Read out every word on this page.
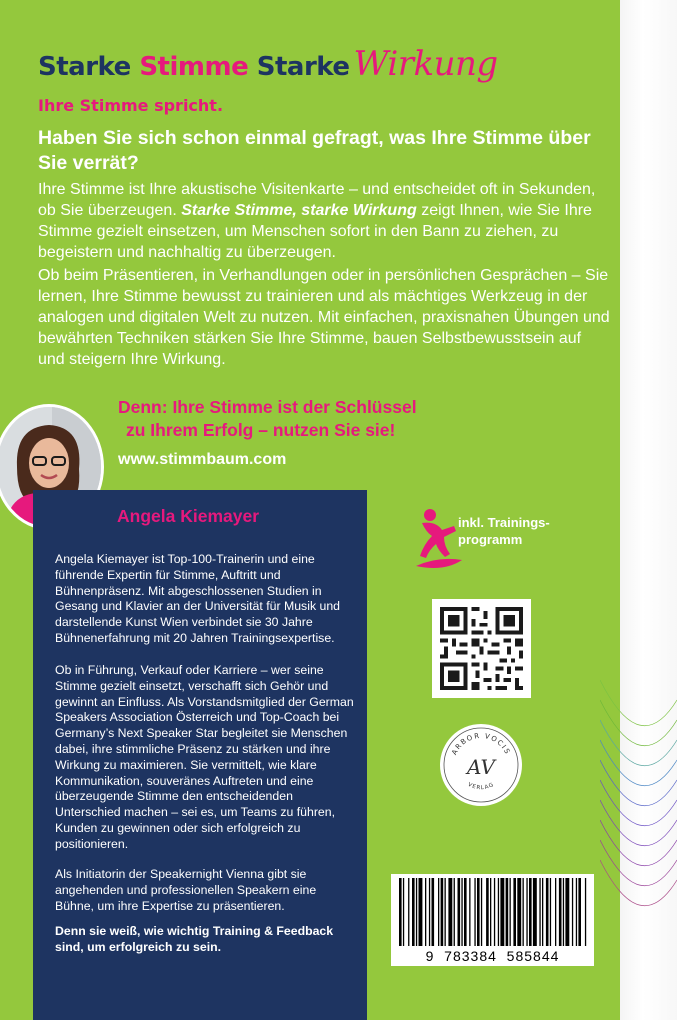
Starke Stimme Starke Wirkung

Ihre Stimme spricht.

Haben Sie sich schon einmal gefragt, was Ihre Stimme über Sie verrät?

Ihre Stimme ist Ihre akustische Visitenkarte – und entscheidet oft in Sekunden, ob Sie überzeugen. Starke Stimme, starke Wirkung zeigt Ihnen, wie Sie Ihre Stimme gezielt einsetzen, um Menschen sofort in den Bann zu ziehen, zu begeistern und nachhaltig zu überzeugen.

Ob beim Präsentieren, in Verhandlungen oder in persönlichen Gesprächen – Sie lernen, Ihre Stimme bewusst zu trainieren und als mächtiges Werkzeug in der analogen und digitalen Welt zu nutzen. Mit einfachen, praxisnahen Übungen und bewährten Techniken stärken Sie Ihre Stimme, bauen Selbstbewusstsein auf und steigern Ihre Wirkung.

Denn: Ihre Stimme ist der Schlüssel
zu Ihrem Erfolg – nutzen Sie sie!

www.stimmbaum.com

Angela Kiemayer

Angela Kiemayer ist Top-100-Trainerin und eine führende Expertin für Stimme, Auftritt und Bühnenpräsenz. Mit abgeschlossenen Studien in Gesang und Klavier an der Universität für Musik und darstellende Kunst Wien verbindet sie 30 Jahre Bühnenerfahrung mit 20 Jahren Trainingsexpertise.

Ob in Führung, Verkauf oder Karriere – wer seine Stimme gezielt einsetzt, verschafft sich Gehör und gewinnt an Einfluss. Als Vorstandsmitglied der German Speakers Association Österreich und Top-Coach bei Germany’s Next Speaker Star begleitet sie Menschen dabei, ihre stimmliche Präsenz zu stärken und ihre Wirkung zu maximieren. Sie vermittelt, wie klare Kommunikation, souveränes Auftreten und eine überzeugende Stimme den entscheidenden Unterschied machen – sei es, um Teams zu führen, Kunden zu gewinnen oder sich erfolgreich zu positionieren.

Als Initiatorin der Speakernight Vienna gibt sie angehenden und professionellen Speakern eine Bühne, um ihre Expertise zu präsentieren.

Denn sie weiß, wie wichtig Training & Feedback sind, um erfolgreich zu sein.

inkl. Trainings- programm

ARBOR VOCIS
AV
VERLAG

9  783384  585844
